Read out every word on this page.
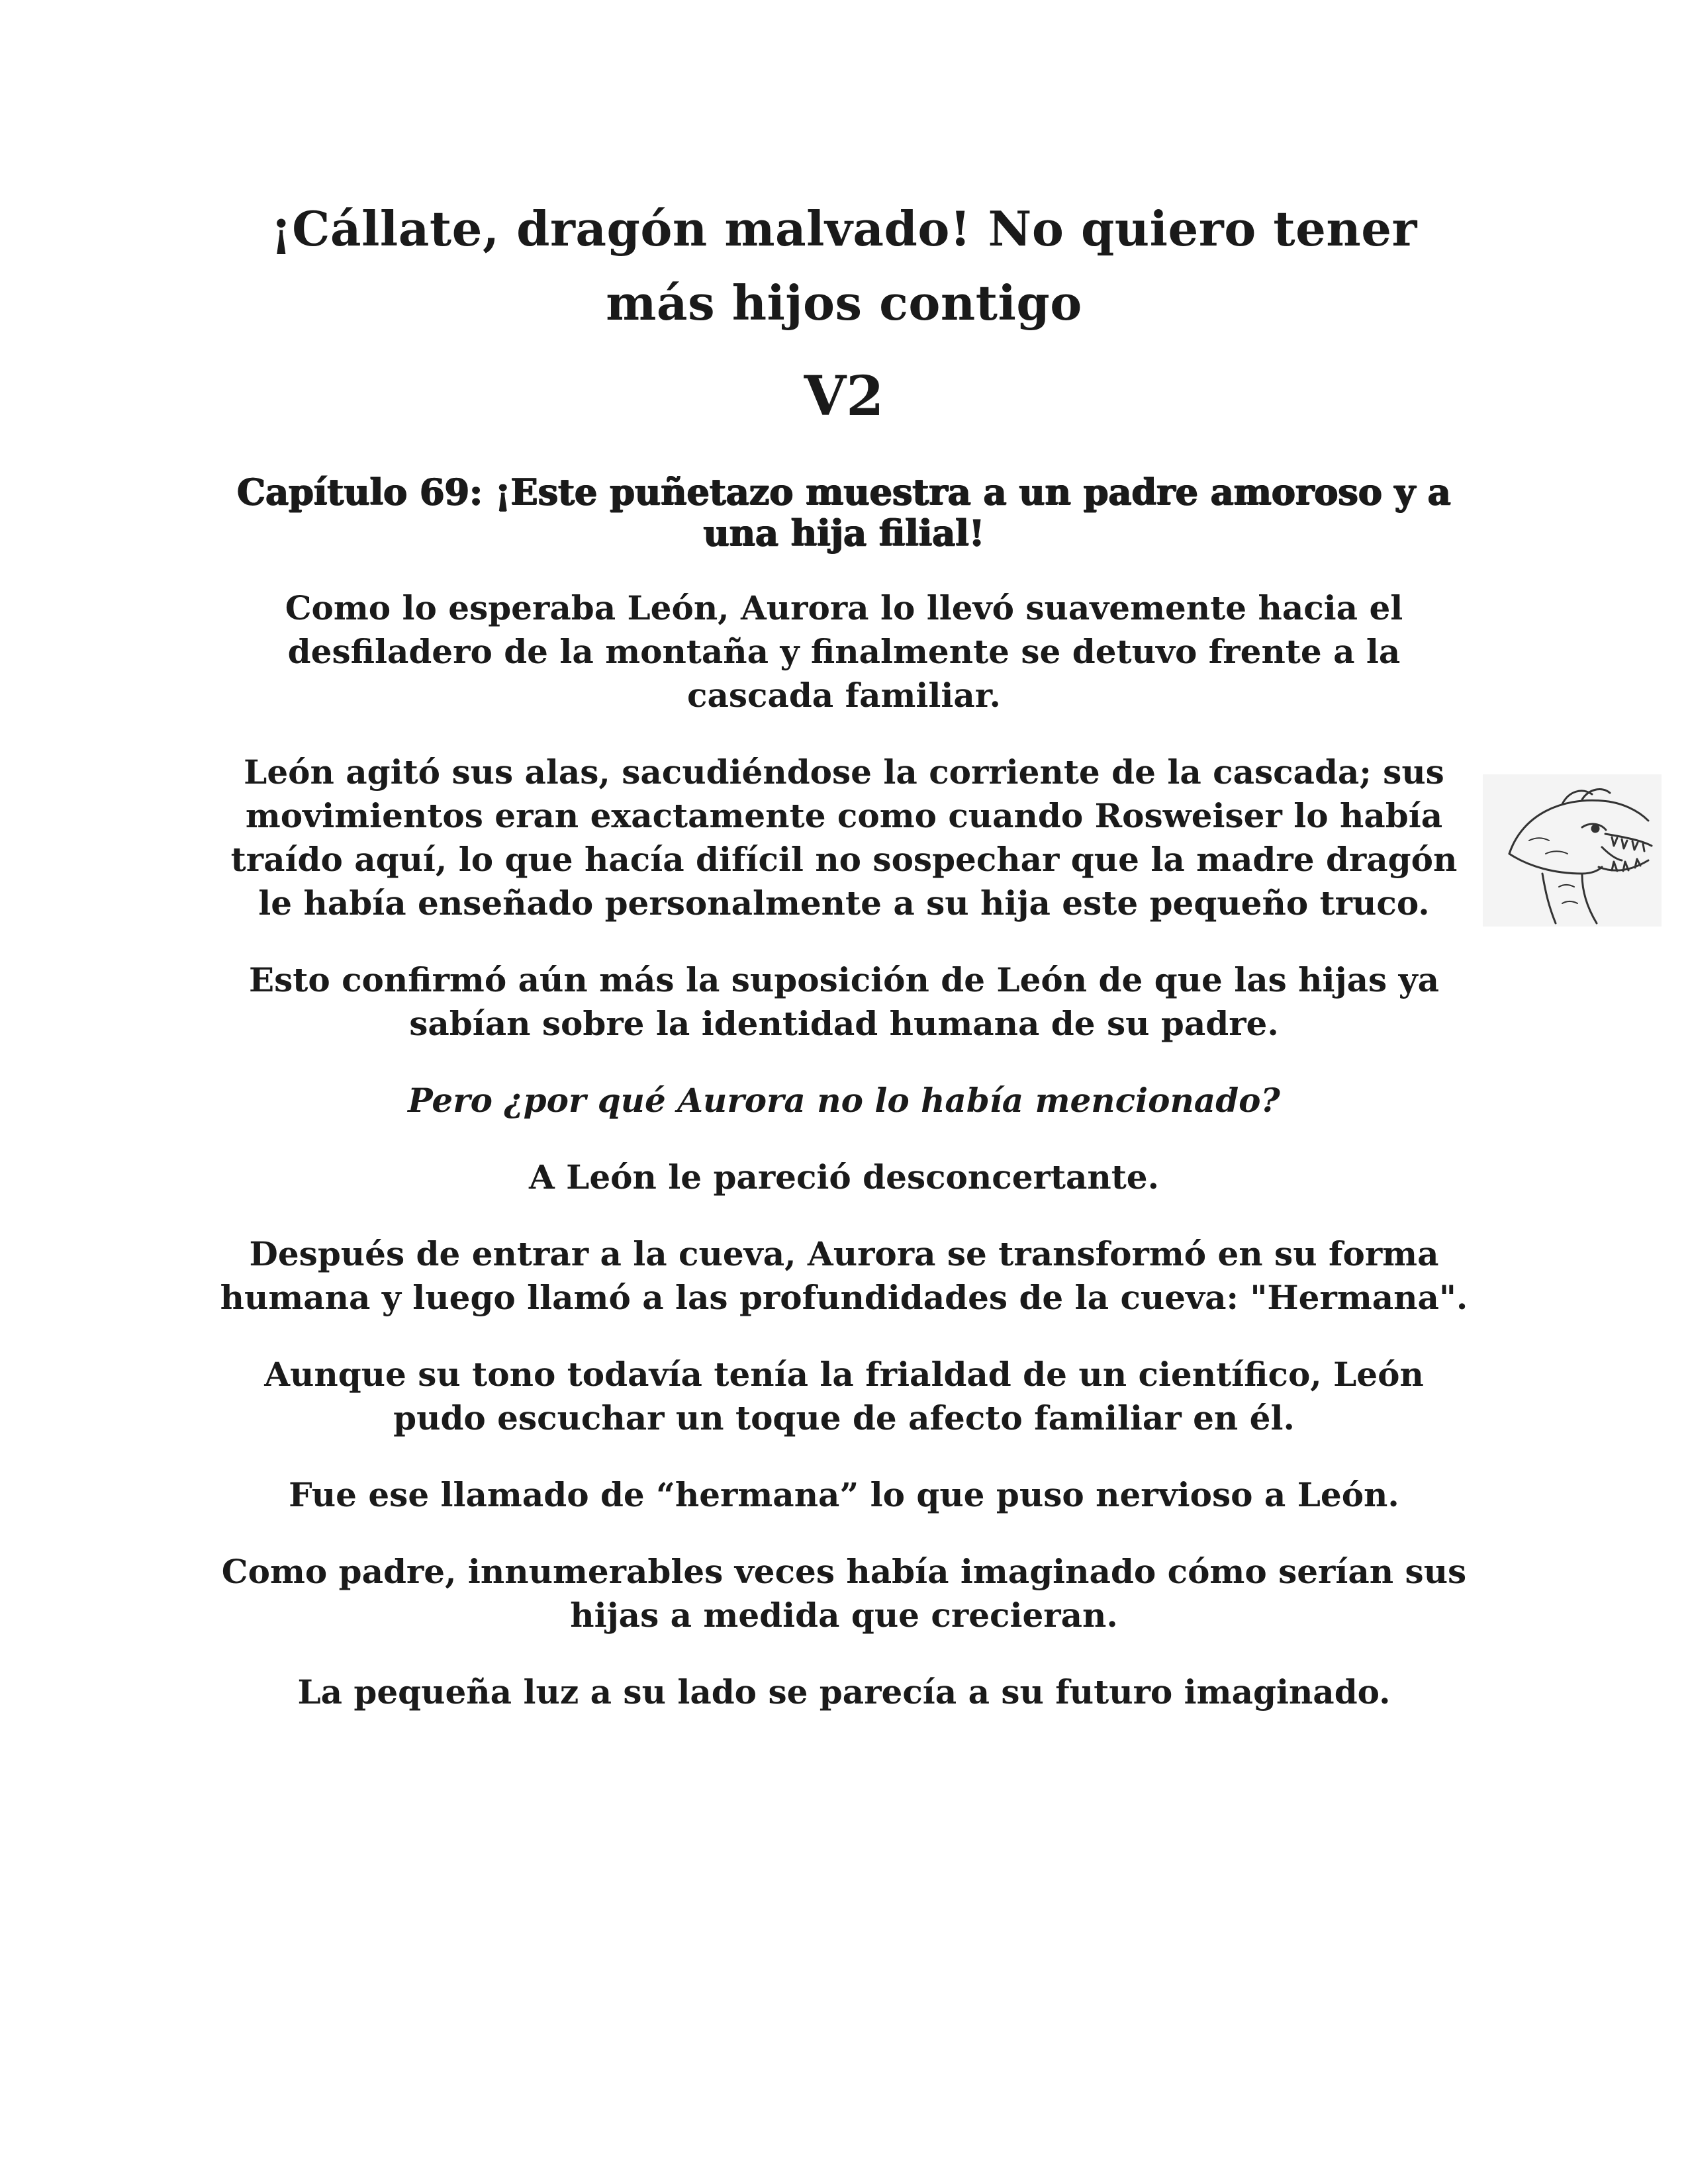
¡Cállate, dragón malvado! No quiero tener
más hijos contigo
V2
Capítulo 69: ¡Este puñetazo muestra a un padre amoroso y a
una hija filial!

Como lo esperaba León, Aurora lo llevó suavemente hacia el desfiladero de la montaña y finalmente se detuvo frente a la cascada familiar.

León agitó sus alas, sacudiéndose la corriente de la cascada; sus movimientos eran exactamente como cuando Rosweiser lo había traído aquí, lo que hacía difícil no sospechar que la madre dragón le había enseñado personalmente a su hija este pequeño truco.

Esto confirmó aún más la suposición de León de que las hijas ya sabían sobre la identidad humana de su padre.

Pero ¿por qué Aurora no lo había mencionado?

A León le pareció desconcertante.

Después de entrar a la cueva, Aurora se transformó en su forma humana y luego llamó a las profundidades de la cueva: "Hermana".

Aunque su tono todavía tenía la frialdad de un científico, León pudo escuchar un toque de afecto familiar en él.

Fue ese llamado de “hermana” lo que puso nervioso a León.

Como padre, innumerables veces había imaginado cómo serían sus hijas a medida que crecieran.

La pequeña luz a su lado se parecía a su futuro imaginado.
